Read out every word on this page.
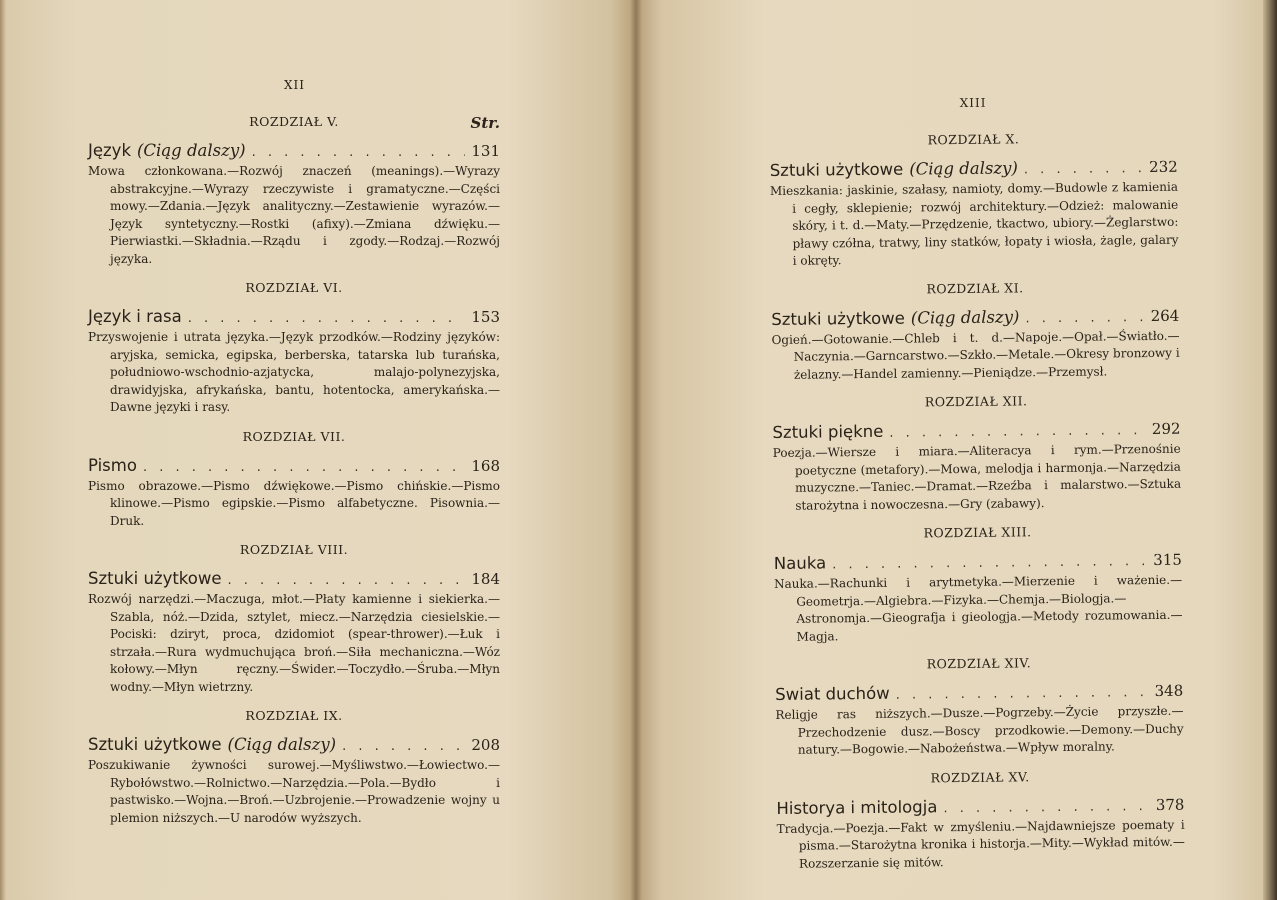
XII
ROZDZIAŁ V.	Str.
Język (Ciąg dalszy) . . .	131
Mowa członkowana.—Rozwój znaczeń (meanings).—Wyrazy abstrakcyjne.—Wyrazy rzeczywiste i gramatyczne.—Części mowy.—Zdania.—Język analityczny.—Zestawienie wyrazów.—Język syntetyczny.—Rostki (afixy).—Zmiana dźwięku.—Pierwiastki.—Składnia.—Rządu i zgody.—Rodzaj.—Rozwój języka.
ROZDZIAŁ VI.
Język i rasa . . .	153
Przyswojenie i utrata języka.—Język przodków.—Rodziny języków: aryjska, semicka, egipska, berberska, tatarska lub turańska, południowo-wschodnio-azjatycka, malajo-polynezyjska, drawidyjska, afrykańska, bantu, hotentocka, amerykańska.—Dawne języki i rasy.
ROZDZIAŁ VII.
Pismo . . .	168
Pismo obrazowe.—Pismo dźwiękowe.—Pismo chińskie.—Pismo klinowe.—Pismo egipskie.—Pismo alfabetyczne. Pisownia.—Druk.
ROZDZIAŁ VIII.
Sztuki użytkowe . . .	184
Rozwój narzędzi.—Maczuga, młot.—Płaty kamienne i siekierka.—Szabla, nóż.—Dzida, sztylet, miecz.—Narzędzia ciesielskie.—Pociski: dziryt, proca, dzidomiot (spear-thrower).—Łuk i strzała.—Rura wydmuchująca broń.—Siła mechaniczna.—Wóz kołowy.—Młyn ręczny.—Świder.—Toczydło.—Śruba.—Młyn wodny.—Młyn wietrzny.
ROZDZIAŁ IX.
Sztuki użytkowe (Ciąg dalszy) . . .	208
Poszukiwanie żywności surowej.—Myśliwstwo.—Łowiectwo.—Rybołówstwo.—Rolnictwo.—Narzędzia.—Pola.—Bydło i pastwisko.—Wojna.—Broń.—Uzbrojenie.—Prowadzenie wojny u plemion niższych.—U narodów wyższych.
XIII
ROZDZIAŁ X.
Sztuki użytkowe (Ciąg dalszy) . . .	232
Mieszkania: jaskinie, szałasy, namioty, domy.—Budowle z kamienia i cegły, sklepienie; rozwój architektury.—Odzież: malowanie skóry, i t. d.—Maty.—Przędzenie, tkactwo, ubiory.—Żeglarstwo: pławy czółna, tratwy, liny statków, łopaty i wiosła, żagle, galary i okręty.
ROZDZIAŁ XI.
Sztuki użytkowe (Ciąg dalszy) . . .	264
Ogień.—Gotowanie.—Chleb i t. d.—Napoje.—Opał.—Światło.—Naczynia.—Garncarstwo.—Szkło.—Metale.—Okresy bronzowy i żelazny.—Handel zamienny.—Pieniądze.—Przemysł.
ROZDZIAŁ XII.
Sztuki piękne . . .	292
Poezja.—Wiersze i miara.—Aliteracya i rym.—Przenośnie poetyczne (metafory).—Mowa, melodja i harmonja.—Narzędzia muzyczne.—Taniec.—Dramat.—Rzeźba i malarstwo.—Sztuka starożytna i nowoczesna.—Gry (zabawy).
ROZDZIAŁ XIII.
Nauka . . .	315
Nauka.—Rachunki i arytmetyka.—Mierzenie i ważenie.—Geometrja.—Algiebra.—Fizyka.—Chemja.—Biologja.—Astronomja.—Gieografja i gieologja.—Metody rozumowania.—Magja.
ROZDZIAŁ XIV.
Swiat duchów . . .	348
Religje ras niższych.—Dusze.—Pogrzeby.—Życie przyszłe.—Przechodzenie dusz.—Boscy przodkowie.—Demony.—Duchy natury.—Bogowie.—Nabożeństwa.—Wpływ moralny.
ROZDZIAŁ XV.
Historya i mitologja . . .	378
Tradycja.—Poezja.—Fakt w zmyśleniu.—Najdawniejsze poematy i pisma.—Starożytna kronika i historja.—Mity.—Wykład mitów.—Rozszerzanie się mitów.
